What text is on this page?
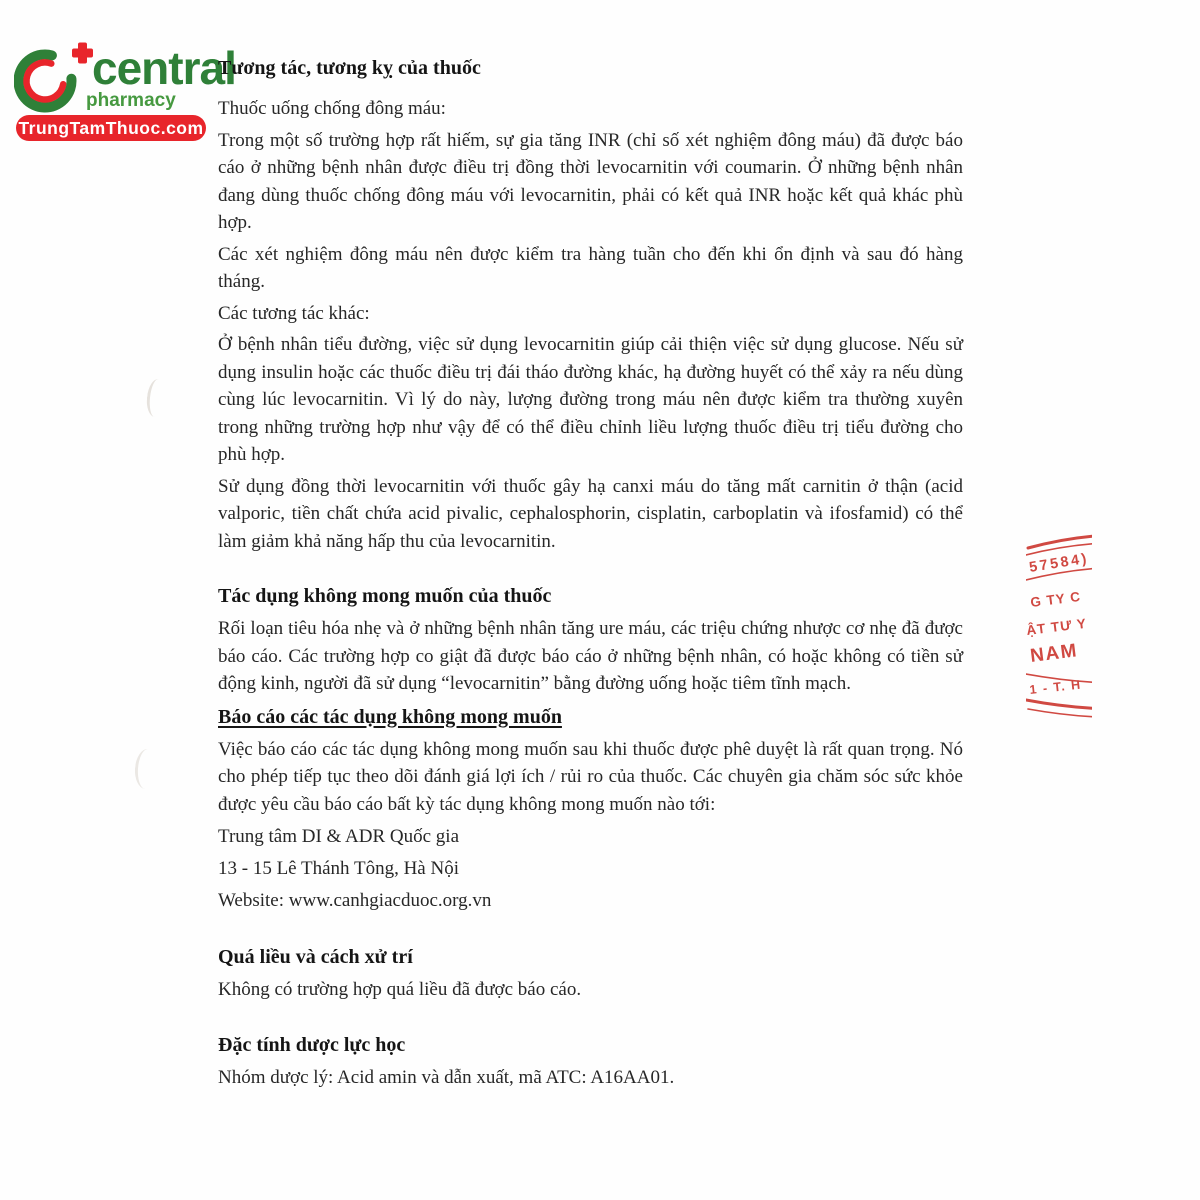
central
pharmacy
TrungTamThuoc.com
Tương tác, tương kỵ của thuốc

Thuốc uống chống đông máu:

Trong một số trường hợp rất hiếm, sự gia tăng INR (chỉ số xét nghiệm đông máu) đã được báo cáo ở những bệnh nhân được điều trị đồng thời levocarnitin với coumarin. Ở những bệnh nhân đang dùng thuốc chống đông máu với levocarnitin, phải có kết quả INR hoặc kết quả khác phù hợp.

Các xét nghiệm đông máu nên được kiểm tra hàng tuần cho đến khi ổn định và sau đó hàng tháng.

Các tương tác khác:

Ở bệnh nhân tiểu đường, việc sử dụng levocarnitin giúp cải thiện việc sử dụng glucose. Nếu sử dụng insulin hoặc các thuốc điều trị đái tháo đường khác, hạ đường huyết có thể xảy ra nếu dùng cùng lúc levocarnitin. Vì lý do này, lượng đường trong máu nên được kiểm tra thường xuyên trong những trường hợp như vậy để có thể điều chỉnh liều lượng thuốc điều trị tiểu đường cho phù hợp.

Sử dụng đồng thời levocarnitin với thuốc gây hạ canxi máu do tăng mất carnitin ở thận (acid valporic, tiền chất chứa acid pivalic, cephalosphorin, cisplatin, carboplatin và ifosfamid) có thể làm giảm khả năng hấp thu của levocarnitin.

Tác dụng không mong muốn của thuốc

Rối loạn tiêu hóa nhẹ và ở những bệnh nhân tăng ure máu, các triệu chứng nhược cơ nhẹ đã được báo cáo. Các trường hợp co giật đã được báo cáo ở những bệnh nhân, có hoặc không có tiền sử động kinh, người đã sử dụng “levocarnitin” bằng đường uống hoặc tiêm tĩnh mạch.

Báo cáo các tác dụng không mong muốn

Việc báo cáo các tác dụng không mong muốn sau khi thuốc được phê duyệt là rất quan trọng. Nó cho phép tiếp tục theo dõi đánh giá lợi ích / rủi ro của thuốc. Các chuyên gia chăm sóc sức khỏe được yêu cầu báo cáo bất kỳ tác dụng không mong muốn nào tới:

Trung tâm DI & ADR Quốc gia

13 - 15 Lê Thánh Tông, Hà Nội

Website: www.canhgiacduoc.org.vn

Quá liều và cách xử trí

Không có trường hợp quá liều đã được báo cáo.

Đặc tính dược lực học

Nhóm dược lý: Acid amin và dẫn xuất, mã ATC: A16AA01.

57584)
G TY C
ẬT TƯ Y
NAM
1 - T. H
